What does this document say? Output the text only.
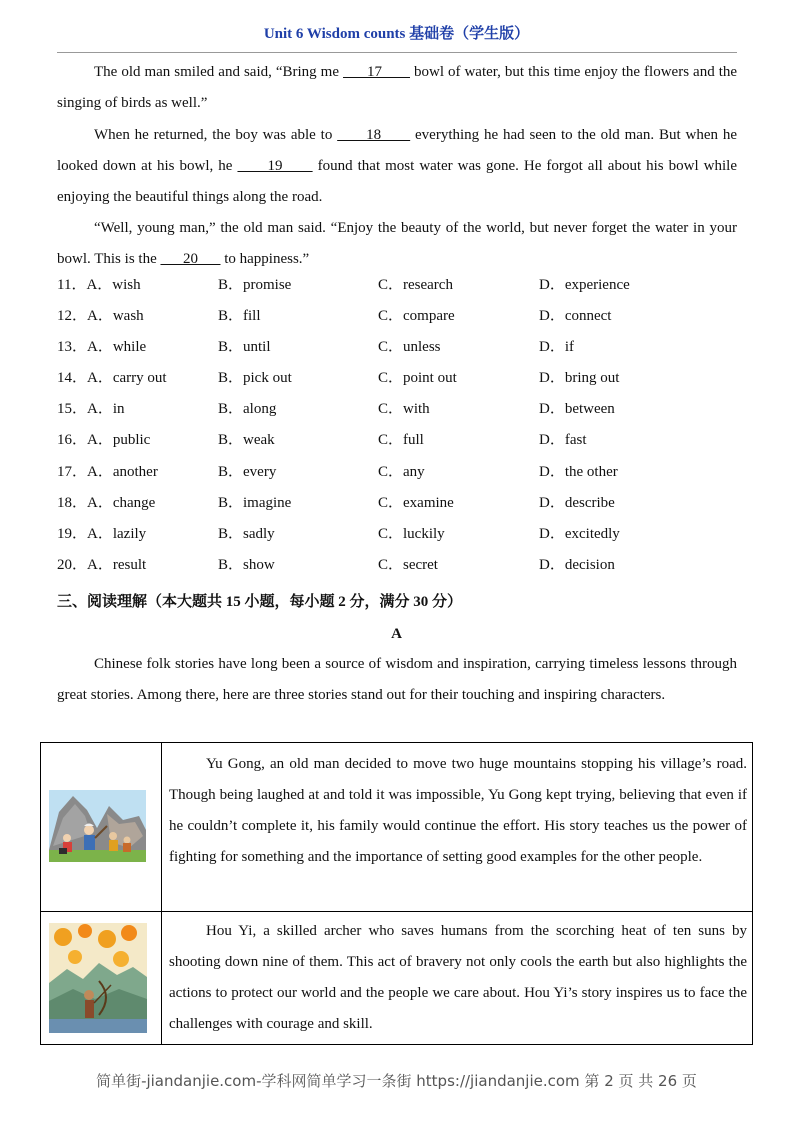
Unit 6 Wisdom counts 基础卷（学生版）
The old man smiled and said, “Bring me       17        bowl of water, but this time enjoy the flowers and the singing of birds as well.”
When he returned, the boy was able to       18       everything he had seen to the old man. But when he looked down at his bowl, he       19       found that most water was gone. He forgot all about his bowl while enjoying the beautiful things along the road.
“Well, young man,” the old man said. “Enjoy the beauty of the world, but never forget the water in your bowl. This is the       20       to happiness.”
11．A．wish	B．promise	C．research	D．experience
12．A．wash	B．fill	C．compare	D．connect
13．A．while	B．until	C．unless	D．if
14．A．carry out	B．pick out	C．point out	D．bring out
15．A．in	B．along	C．with	D．between
16．A．public	B．weak	C．full	D．fast
17．A．another	B．every	C．any	D．the other
18．A．change	B．imagine	C．examine	D．describe
19．A．lazily	B．sadly	C．luckily	D．excitedly
20．A．result	B．show	C．secret	D．decision
三、阅读理解（本大题共 15 小题，每小题 2 分，满分 30 分）
A
Chinese folk stories have long been a source of wisdom and inspiration, carrying timeless lessons through great stories. Among there, here are three stories stand out for their touching and inspiring characters.
Yu Gong, an old man decided to move two huge mountains stopping his village’s road. Though being laughed at and told it was impossible, Yu Gong kept trying, believing that even if he couldn’t complete it, his family would continue the effort. His story teaches us the power of fighting for something and the importance of setting good examples for the other people.
Hou Yi, a skilled archer who saves humans from the scorching heat of ten suns by shooting down nine of them. This act of bravery not only cools the earth but also highlights the actions to protect our world and the people we care about. Hou Yi’s story inspires us to face the challenges with courage and skill.
简单街-jiandanjie.com-学科网简单学习一条街 https://jiandanjie.com 第 2 页 共 26 页
